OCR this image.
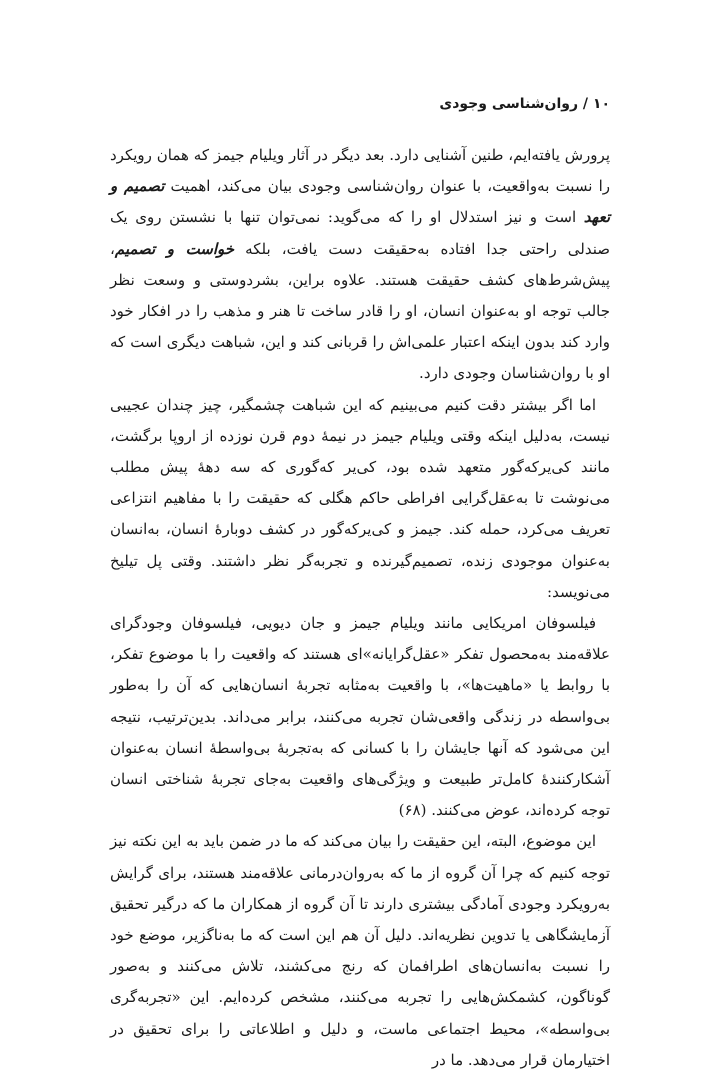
۱۰ / روان‌شناسی وجودی

پرورش یافته‌ایم، طنین آشنایی دارد. بعد دیگر در آثار ویلیام جیمز که همان رویکرد را نسبت به‌واقعیت، با عنوان روان‌شناسی وجودی بیان می‌کند، اهمیت تصمیم و تعهد است و نیز استدلال او را که می‌گوید: نمی‌توان تنها با نشستن روی یک صندلی راحتی جدا افتاده به‌حقیقت دست یافت، بلکه خواست و تصمیم، پیش‌شرط‌های کشف حقیقت هستند. علاوه براین، بشردوستی و وسعت نظر جالب توجه او به‌عنوان انسان، او را قادر ساخت تا هنر و مذهب را در افکار خود وارد کند بدون اینکه اعتبار علمی‌اش را قربانی کند و این، شباهت دیگری است که او با روان‌شناسان وجودی دارد.

اما اگر بیشتر دقت کنیم می‌بینیم که این شباهت چشمگیر، چیز چندان عجیبی نیست، به‌دلیل اینکه وقتی ویلیام جیمز در نیمهٔ دوم قرن نوزده از اروپا برگشت، مانند کی‌یرکه‌گور متعهد شده بود، کی‌یر که‌گوری که سه دههٔ پیش مطلب می‌نوشت تا به‌عقل‌گرایی افراطی حاکم هگلی که حقیقت را با مفاهیم انتزاعی تعریف می‌کرد، حمله کند. جیمز و کی‌یرکه‌گور در کشف دوبارهٔ انسان، به‌انسان به‌عنوان موجودی زنده، تصمیم‌گیرنده و تجربه‌گر نظر داشتند. وقتی پل تیلیخ می‌نویسد:

فیلسوفان امریکایی مانند ویلیام جیمز و جان دیویی، فیلسوفان وجودگرای علاقه‌مند به‌محصول تفکر «عقل‌گرایانه»ای هستند که واقعیت را با موضوع تفکر، با روابط یا «ماهیت‌ها»، با واقعیت به‌مثابه تجربهٔ انسان‌هایی که آن را به‌طور بی‌واسطه در زندگی واقعی‌شان تجربه می‌کنند، برابر می‌داند. بدین‌ترتیب، نتیجه این می‌شود که آنها جایشان را با کسانی که به‌تجربهٔ بی‌واسطهٔ انسان به‌عنوان آشکارکنندهٔ کامل‌تر طبیعت و ویژگی‌های واقعیت به‌جای تجربهٔ شناختی انسان توجه کرده‌اند، عوض می‌کنند. (۶۸)

این موضوع، البته، این حقیقت را بیان می‌کند که ما در ضمن باید به این نکته نیز توجه کنیم که چرا آن گروه از ما که به‌روان‌درمانی علاقه‌مند هستند، برای گرایش به‌رویکرد وجودی آمادگی بیشتری دارند تا آن گروه از همکاران ما که درگیر تحقیق آزمایشگاهی یا تدوین نظریه‌اند. دلیل آن هم این است که ما به‌ناگزیر، موضع خود را نسبت به‌انسان‌های اطرافمان که رنج می‌کشند، تلاش می‌کنند و به‌صور گوناگون، کشمکش‌هایی را تجربه می‌کنند، مشخص کرده‌ایم. این «تجربه‌گری بی‌واسطه»، محیط اجتماعی ماست، و دلیل و اطلاعاتی را برای تحقیق در اختیارمان قرار می‌دهد. ما در
